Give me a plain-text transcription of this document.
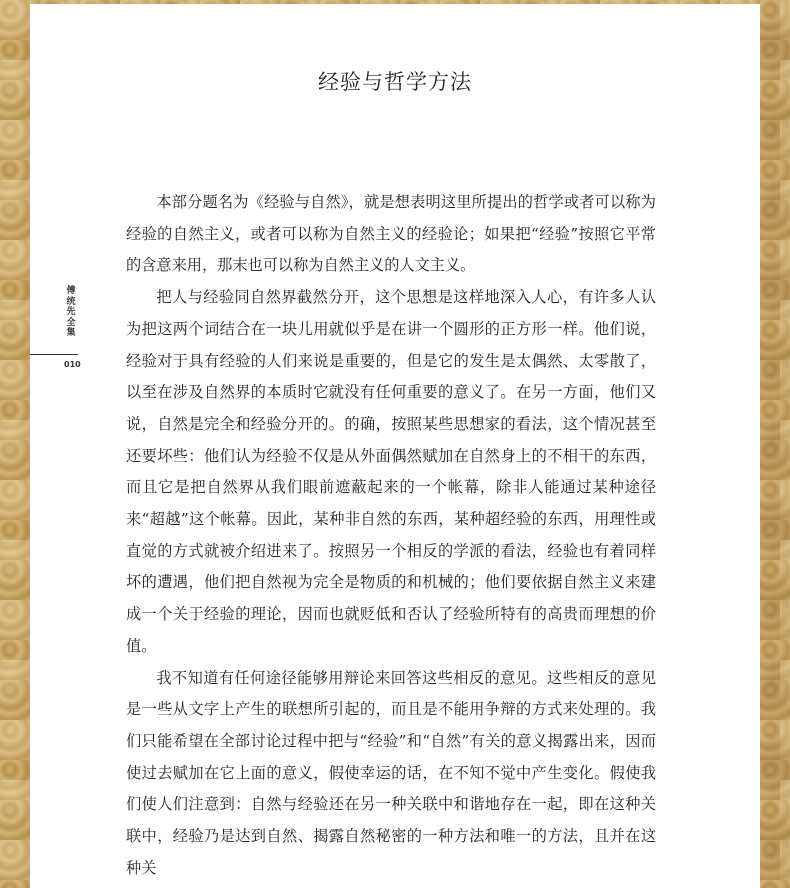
经验与哲学方法
傅统先全集
010

本部分题名为《经验与自然》，就是想表明这里所提出的哲学或者可以称为经验的自然主义，或者可以称为自然主义的经验论；如果把“经验”按照它平常的含意来用，那末也可以称为自然主义的人文主义。

把人与经验同自然界截然分开，这个思想是这样地深入人心，有许多人认为把这两个词结合在一块儿用就似乎是在讲一个圆形的正方形一样。他们说，经验对于具有经验的人们来说是重要的，但是它的发生是太偶然、太零散了，以至在涉及自然界的本质时它就没有任何重要的意义了。在另一方面，他们又说，自然是完全和经验分开的。的确，按照某些思想家的看法，这个情况甚至还要坏些：他们认为经验不仅是从外面偶然赋加在自然身上的不相干的东西，而且它是把自然界从我们眼前遮蔽起来的一个帐幕，除非人能通过某种途径来“超越”这个帐幕。因此，某种非自然的东西，某种超经验的东西，用理性或直觉的方式就被介绍进来了。按照另一个相反的学派的看法，经验也有着同样坏的遭遇，他们把自然视为完全是物质的和机械的；他们要依据自然主义来建成一个关于经验的理论，因而也就贬低和否认了经验所特有的高贵而理想的价值。

我不知道有任何途径能够用辩论来回答这些相反的意见。这些相反的意见是一些从文字上产生的联想所引起的，而且是不能用争辩的方式来处理的。我们只能希望在全部讨论过程中把与“经验”和“自然”有关的意义揭露出来，因而使过去赋加在它上面的意义，假使幸运的话，在不知不觉中产生变化。假使我们使人们注意到：自然与经验还在另一种关联中和谐地存在一起，即在这种关联中，经验乃是达到自然、揭露自然秘密的一种方法和唯一的方法，且并在这种关
